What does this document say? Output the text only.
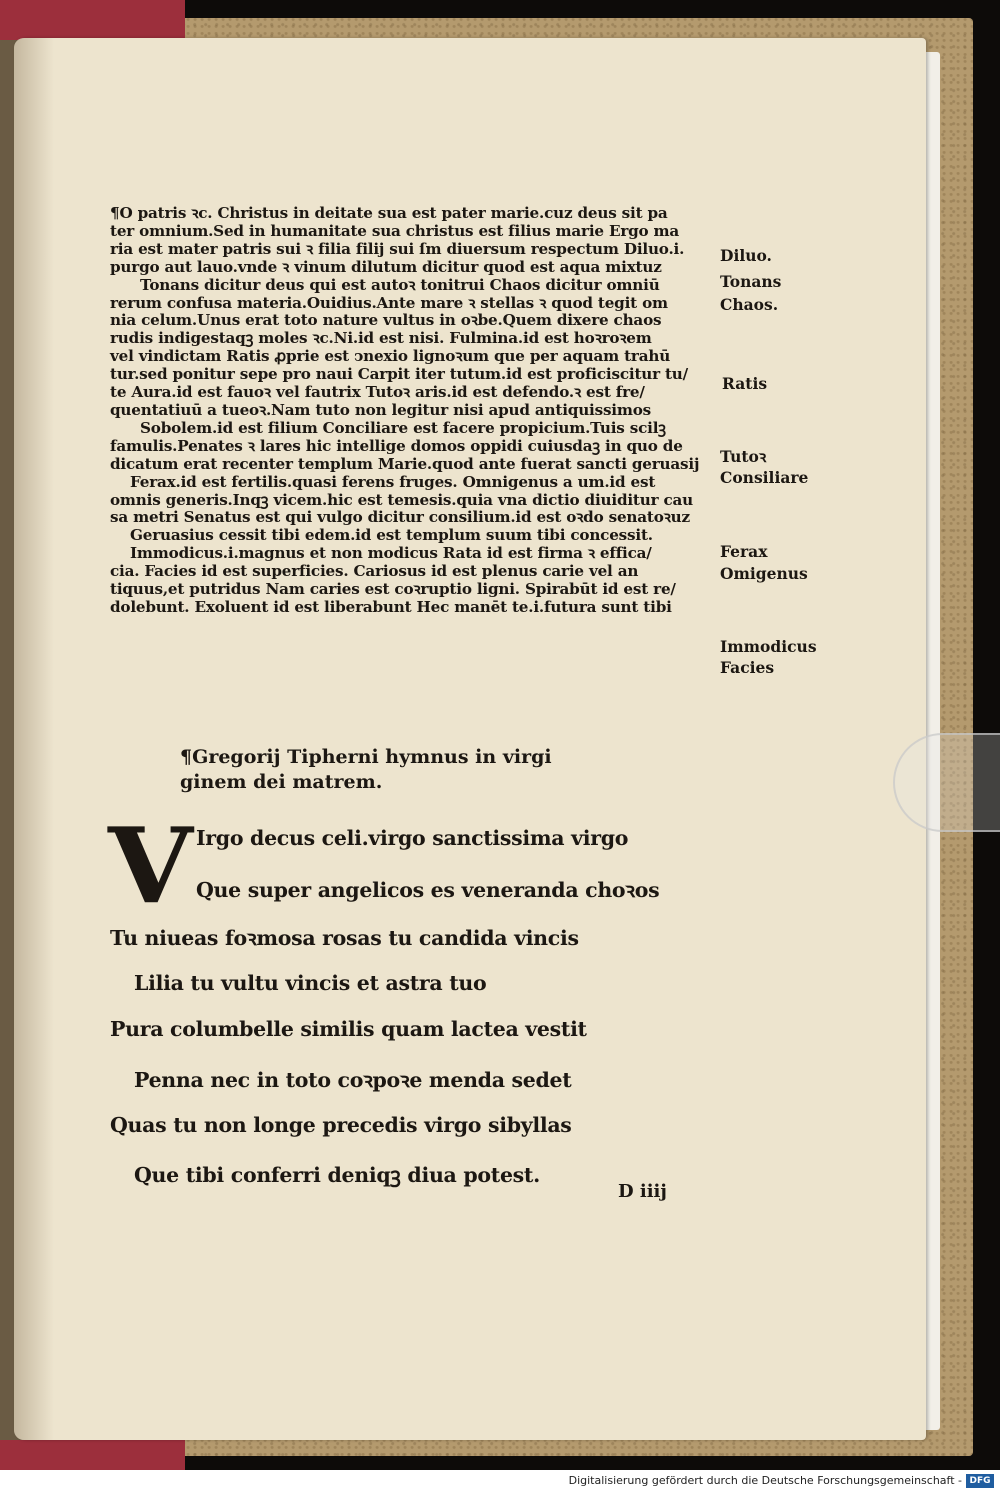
¶O patris ꝛc. Christus in deitate sua est pater marie.cuz deus sit pa
ter omnium.Sed in humanitate sua christus est filius marie Ergo ma
ria est mater patris sui ꝛ filia filij sui ſm diuersum respectum Diluo.i.
purgo aut lauo.vnde ꝛ vinum dilutum dicitur quod est aqua mixtuz
Tonans dicitur deus qui est autoꝛ tonitrui Chaos dicitur omniū
rerum confusa materia.Ouidius.Ante mare ꝛ stellas ꝛ quod tegit om
nia celum.Unus erat toto nature vultus in oꝛbe.Quem dixere chaos
rudis indigestaqꝫ moles ꝛc.Ni.id est nisi. Fulmina.id est hoꝛroꝛem
vel vindictam Ratis ꝓprie est ↄnexio lignoꝛum que per aquam trahū
tur.sed ponitur sepe pro naui Carpit iter tutum.id est proficiscitur tu/
te Aura.id est fauoꝛ vel fautrix Tutoꝛ aris.id est defendo.ꝛ est fre/
quentatiuū a tueoꝛ.Nam tuto non legitur nisi apud antiquissimos
Sobolem.id est filium Conciliare est facere propicium.Tuis scilꝫ
famulis.Penates ꝛ lares hic intellige domos oppidi cuiusdaꝫ in quo de
dicatum erat recenter templum Marie.quod ante fuerat sancti geruasij
Ferax.id est fertilis.quasi ferens fruges. Omnigenus a um.id est
omnis generis.Inqꝫ vicem.hic est temesis.quia vna dictio diuiditur cau
sa metri Senatus est qui vulgo dicitur consilium.id est oꝛdo senatoꝛuz
Geruasius cessit tibi edem.id est templum suum tibi concessit.
Immodicus.i.magnus et non modicus Rata id est firma ꝛ effica/
cia. Facies id est superficies. Cariosus id est plenus carie vel an
tiquus,et putridus Nam caries est coꝛruptio ligni. Spirabūt id est re/
dolebunt. Exoluent id est liberabunt Hec manēt te.i.futura sunt tibi
Diluo.
Tonans
Chaos.
Ratis
Tutoꝛ
Consiliare
Ferax
Omigenus
Immodicus
Facies
¶Gregorij Tipherni hymnus in virgi
ginem dei matrem.
V Irgo decus celi.virgo sanctissima virgo
Que super angelicos es veneranda choꝛos
Tu niueas foꝛmosa rosas tu candida vincis
Lilia tu vultu vincis et astra tuo
Pura columbelle similis quam lactea vestit
Penna nec in toto coꝛpoꝛe menda sedet
Quas tu non longe precedis virgo sibyllas
Que tibi conferri deniqꝫ diua potest.
D iiij
Digitalisierung gefördert durch die Deutsche Forschungsgemeinschaft - DFG
